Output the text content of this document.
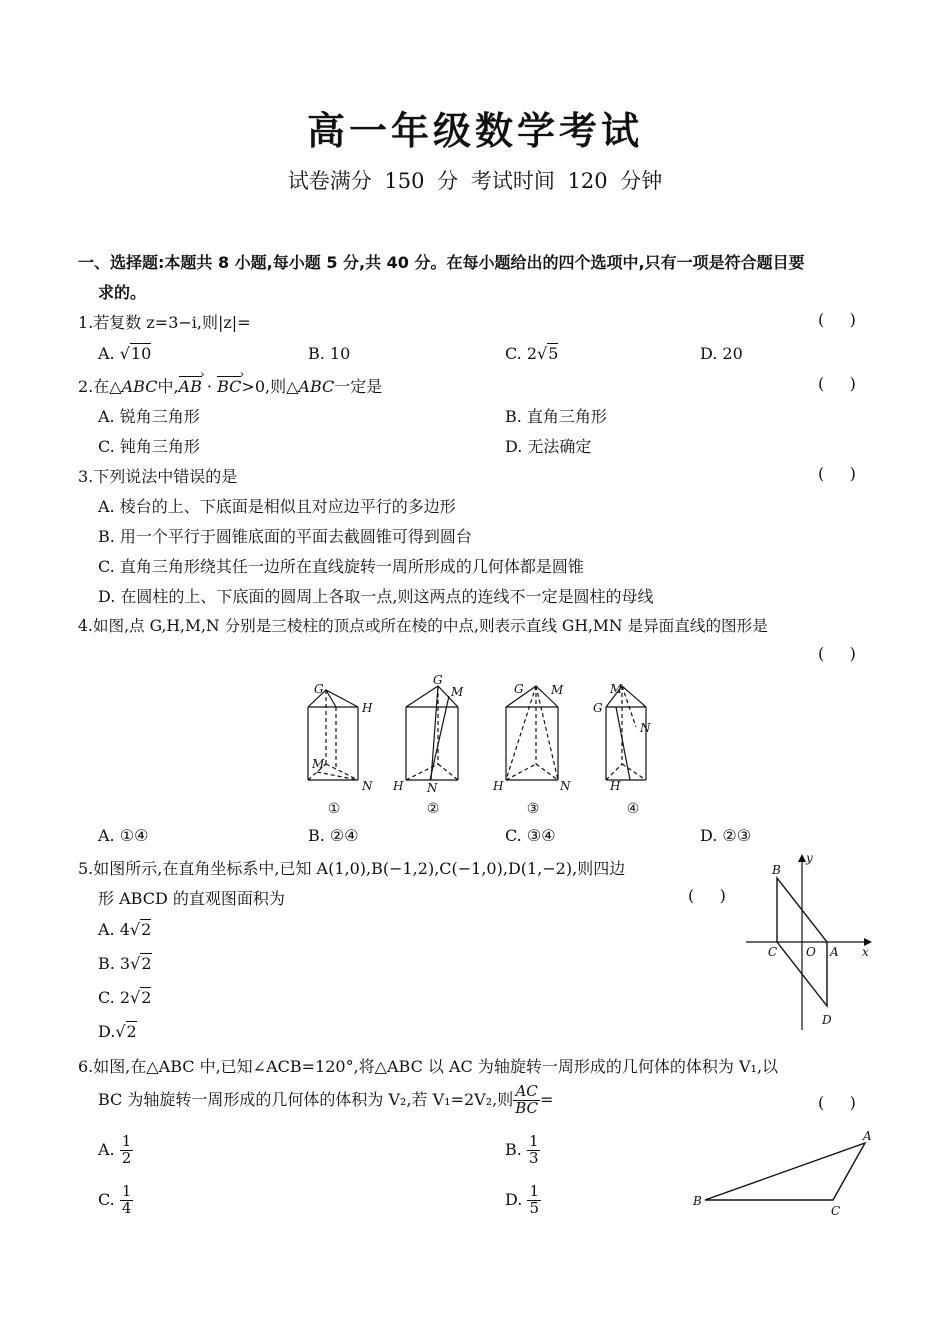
高一年级数学考试
试卷满分 150 分 考试时间 120 分钟
一、选择题:本题共 8 小题,每小题 5 分,共 40 分。在每小题给出的四个选项中,只有一项是符合题目要
求的。
1.若复数 z=3−i,则|z|=	(     )
A. √10	B. 10	C. 2√5	D. 20
2.在△ABC中,AB › · BC ›>0,则△ABC一定是	(     )
A. 锐角三角形	B. 直角三角形
C. 钝角三角形	D. 无法确定
3.下列说法中错误的是	(     )
A. 棱台的上、下底面是相似且对应边平行的多边形
B. 用一个平行于圆锥底面的平面去截圆锥可得到圆台
C. 直角三角形绕其任一边所在直线旋转一周所形成的几何体都是圆锥
D. 在圆柱的上、下底面的圆周上各取一点,则这两点的连线不一定是圆柱的母线
4.如图,点 G,H,M,N 分别是三棱柱的顶点或所在棱的中点,则表示直线 GH,MN 是异面直线的图形是
(     )
G
H
M
N
G
M
H N
G M
H	N
M
G
N
H
①	②	③	④
A. ①④	B. ②④	C. ③④	D. ②③
5.如图所示,在直角坐标系中,已知 A(1,0),B(−1,2),C(−1,0),D(1,−2),则四边
形 ABCD 的直观图面积为	(     )
A. 4√2
B. 3√2
C. 2√2
D.√2
y
x
O A
B
C
D
6.如图,在△ABC 中,已知∠ACB=120°,将△ABC 以 AC 为轴旋转一周形成的几何体的体积为 V₁,以
BC 为轴旋转一周形成的几何体的体积为 V₂,若 V₁=2V₂,则 $\frac{AC}{BC}$ =	(     )
A. $\frac{1}{2}$	B. $\frac{1}{3}$
C. $\frac{1}{4}$	D. $\frac{1}{5}$	B
A
C
